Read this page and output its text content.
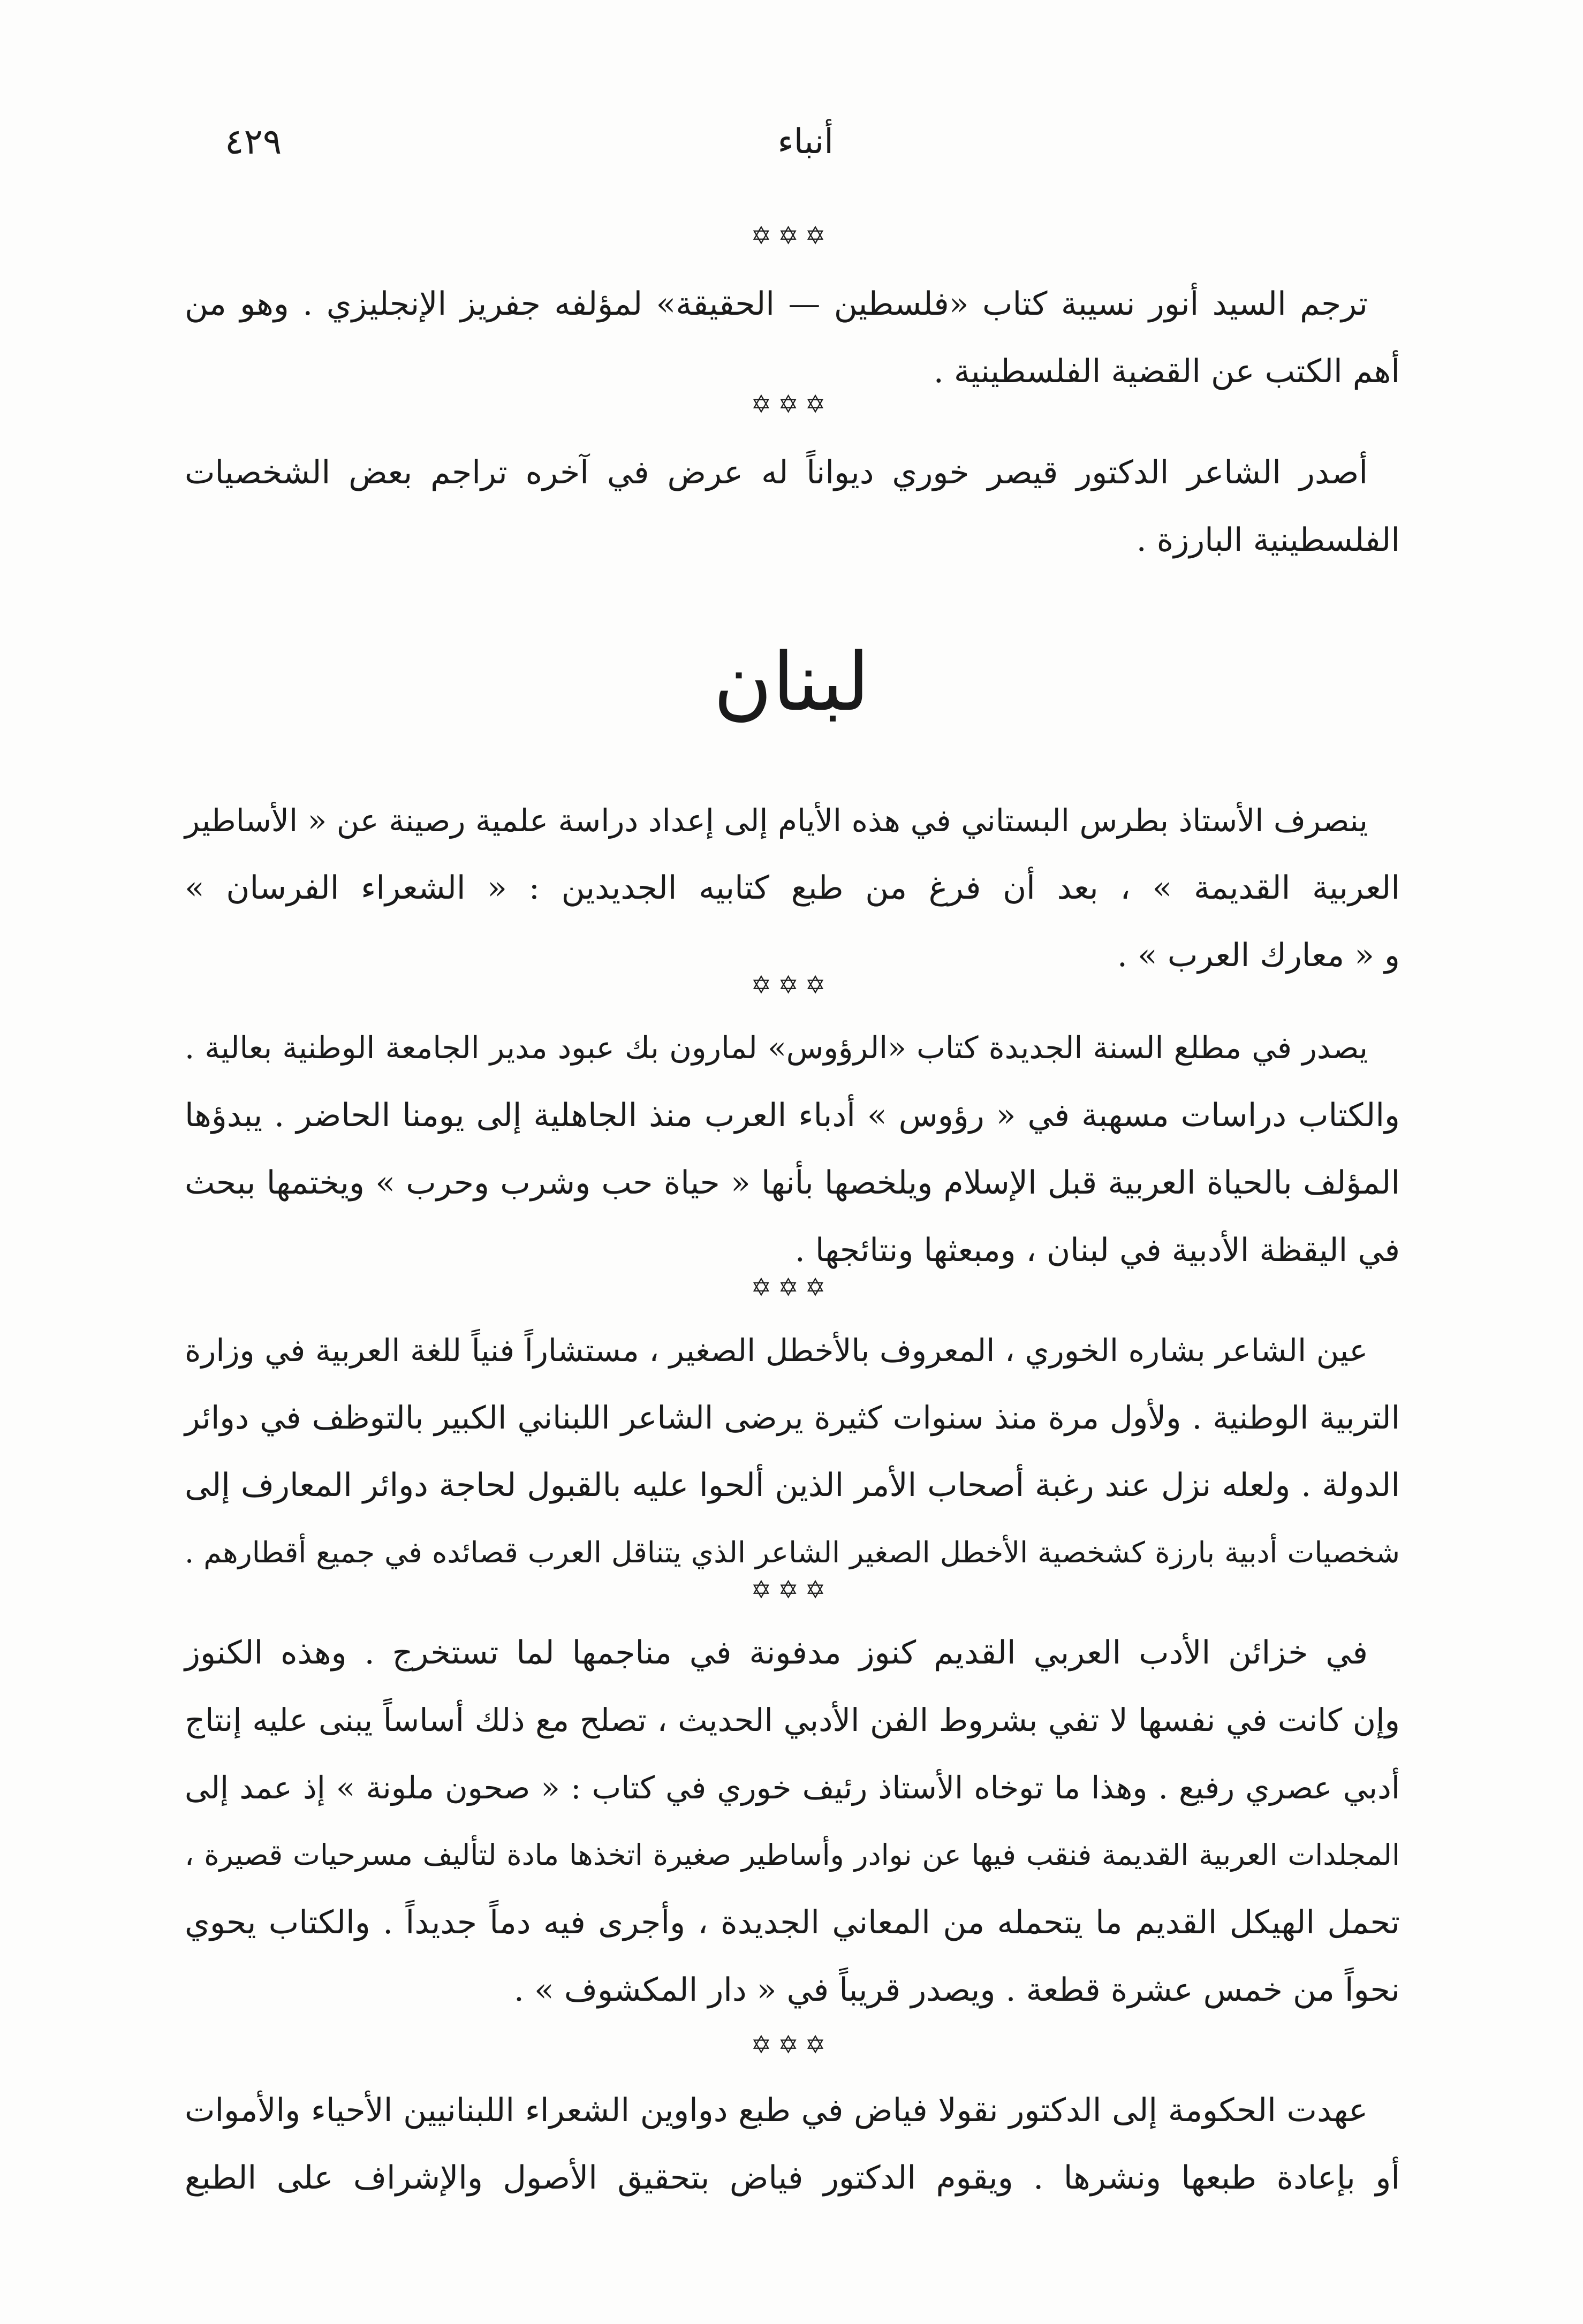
أنباء
٤٢٩
✡✡✡
ترجم السيد أنور نسيبة كتاب «فلسطين — الحقيقة» لمؤلفه جفريز الإنجليزي . وهو من
أهم الكتب عن القضية الفلسطينية .
✡✡✡
أصدر الشاعر الدكتور قيصر خوري ديواناً له عرض في آخره تراجم بعض الشخصيات
الفلسطينية البارزة .
لبنان
ينصرف الأستاذ بطرس البستاني في هذه الأيام إلى إعداد دراسة علمية رصينة عن « الأساطير
العربية القديمة » ، بعد أن فرغ من طبع كتابيه الجديدين : « الشعراء الفرسان »
و « معارك العرب » .
✡✡✡
يصدر في مطلع السنة الجديدة كتاب «الرؤوس» لمارون بك عبود مدير الجامعة الوطنية بعالية .
والكتاب دراسات مسهبة في « رؤوس » أدباء العرب منذ الجاهلية إلى يومنا الحاضر . يبدؤها
المؤلف بالحياة العربية قبل الإسلام ويلخصها بأنها « حياة حب وشرب وحرب » ويختمها ببحث
في اليقظة الأدبية في لبنان ، ومبعثها ونتائجها .
✡✡✡
عين الشاعر بشاره الخوري ، المعروف بالأخطل الصغير ، مستشاراً فنياً للغة العربية في وزارة
التربية الوطنية . ولأول مرة منذ سنوات كثيرة يرضى الشاعر اللبناني الكبير بالتوظف في دوائر
الدولة . ولعله نزل عند رغبة أصحاب الأمر الذين ألحوا عليه بالقبول لحاجة دوائر المعارف إلى
شخصيات أدبية بارزة كشخصية الأخطل الصغير الشاعر الذي يتناقل العرب قصائده في جميع أقطارهم .
✡✡✡
في خزائن الأدب العربي القديم كنوز مدفونة في مناجمها لما تستخرج . وهذه الكنوز
وإن كانت في نفسها لا تفي بشروط الفن الأدبي الحديث ، تصلح مع ذلك أساساً يبنى عليه إنتاج
أدبي عصري رفيع . وهذا ما توخاه الأستاذ رئيف خوري في كتاب : « صحون ملونة » إذ عمد إلى
المجلدات العربية القديمة فنقب فيها عن نوادر وأساطير صغيرة اتخذها مادة لتأليف مسرحيات قصيرة ،
تحمل الهيكل القديم ما يتحمله من المعاني الجديدة ، وأجرى فيه دماً جديداً . والكتاب يحوي
نحواً من خمس عشرة قطعة . ويصدر قريباً في « دار المكشوف » .
✡✡✡
عهدت الحكومة إلى الدكتور نقولا فياض في طبع دواوين الشعراء اللبنانيين الأحياء والأموات
أو بإعادة طبعها ونشرها . ويقوم الدكتور فياض بتحقيق الأصول والإشراف على الطبع
